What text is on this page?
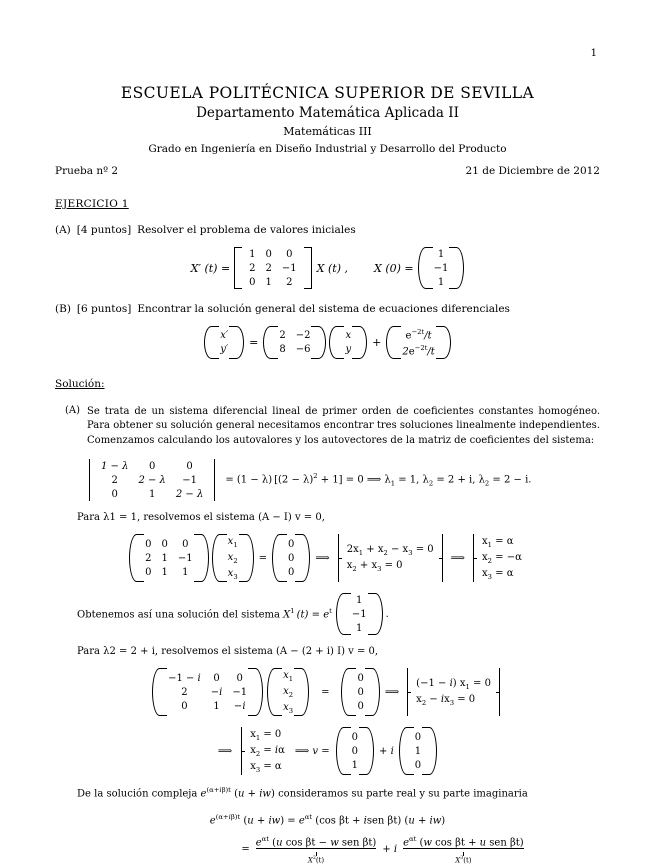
1
ESCUELA POLITÉCNICA SUPERIOR DE SEVILLA
Departamento Matemática Aplicada II
Matemáticas III
Grado en Ingeniería en Diseño Industrial y Desarrollo del Producto
Prueba nº 2	21 de Diciembre de 2012
EJERCICIO 1
(A) [4 puntos] Resolver el problema de valores iniciales
X′ (t) =
1	0	0
2	2	−1
0	1	2
X (t) , X (0) =
1
−1
1
(B) [6 puntos] Encontrar la solución general del sistema de ecuaciones diferenciales
x′
y′
=
2	−2
8	−6
x
y
+
$e^{-2t}/t$
$2e^{-2t}/t$
Solución:
(A) Se trata de un sistema diferencial lineal de primer orden de coeficientes constantes homogéneo. Para obtener su solución general necesitamos encontrar tres soluciones linealmente independientes. Comenzamos calculando los autovalores y los autovectores de la matriz de coeficientes del sistema:
1 − λ	0	0
2	2 − λ	−1
0	1	2 − λ
= (1 − λ) $[(2 - \lambda)^2 + 1] = 0$ ⟹ $\lambda_1 = 1$, $\lambda_2 = 2 + i$, $\lambda_2 = 2 - i$.
Para λ1 = 1, resolvemos el sistema (A − I) v = 0,
0	0	0
2	1	−1
0	1	1
$x_1$
$x_2$
$x_3$
=
0
0
0
⟹
$2x_1 + x_2 - x_3 = 0$
$x_2 + x_3 = 0$
⟹
$x_1 = \alpha$
$x_2 = -\alpha$
$x_3 = \alpha$
Obtenemos así una solución del sistema $X^1$  $(t) = e^t$
1
−1
1
.
Para λ2 = 2 + i, resolvemos el sistema (A − (2 + i) I) v = 0,
−1 − i	0	0
2	−i	−1
0	1	−i
$x_1$
$x_2$
$x_3$
=
0
0
0
⟹
(−1 − i) $x_1 = 0$
$x_2 - ix_3 = 0$
⟹
$x_1 = 0$
$x_2 = i\alpha$
$x_3 = \alpha$
⟹ v =
0
0
1
+ i
0
1
0
De la solución compleja $e^{(\alpha+i\beta)t}$ (u + iw) consideramos su parte real y su parte imaginaria
$e^{(\alpha+i\beta)t}$ $(u + iw) = e^{\alpha t}$ (cos βt + isen βt) (u + iw)
=
$e^{\alpha t}$ (u cos βt − w sen βt)
$X^2(t)$
+ i
$e^{\alpha t}$ (w cos βt + u sen βt)
$X^3(t)$
